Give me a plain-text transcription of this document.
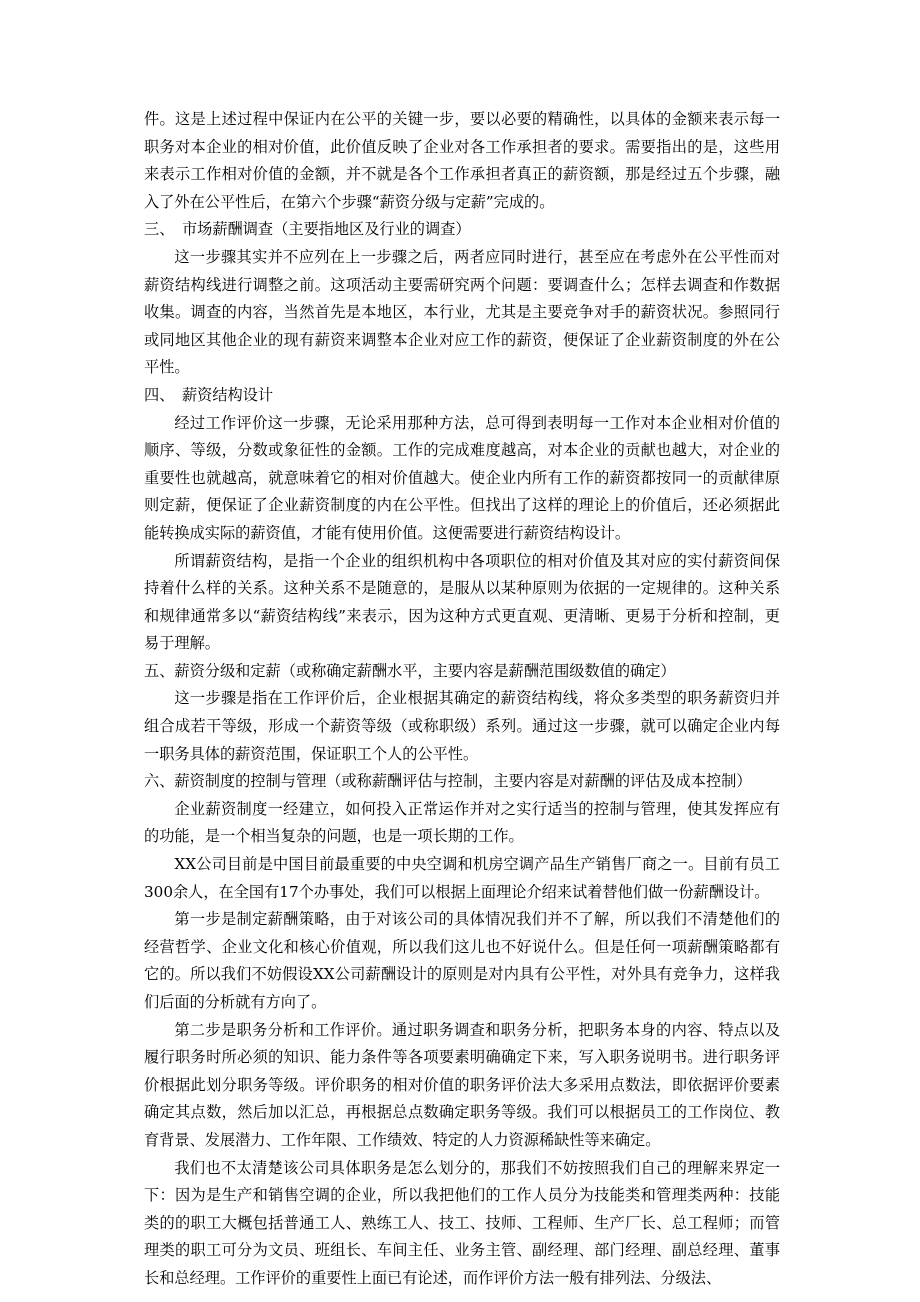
件。这是上述过程中保证内在公平的关键一步，要以必要的精确性，以具体的金额来表示每一职务对本企业的相对价值，此价值反映了企业对各工作承担者的要求。需要指出的是，这些用来表示工作相对价值的金额，并不就是各个工作承担者真正的薪资额，那是经过五个步骤，融入了外在公平性后，在第六个步骤“薪资分级与定薪”完成的。

三、　市场薪酬调查（主要指地区及行业的调查）

这一步骤其实并不应列在上一步骤之后，两者应同时进行，甚至应在考虑外在公平性而对薪资结构线进行调整之前。这项活动主要需研究两个问题：要调查什么；怎样去调查和作数据收集。调查的内容，当然首先是本地区，本行业，尤其是主要竞争对手的薪资状况。参照同行或同地区其他企业的现有薪资来调整本企业对应工作的薪资，便保证了企业薪资制度的外在公平性。

四、　薪资结构设计

经过工作评价这一步骤，无论采用那种方法，总可得到表明每一工作对本企业相对价值的顺序、等级，分数或象征性的金额。工作的完成难度越高，对本企业的贡献也越大，对企业的重要性也就越高，就意味着它的相对价值越大。使企业内所有工作的薪资都按同一的贡献律原则定薪，便保证了企业薪资制度的内在公平性。但找出了这样的理论上的价值后，还必须据此能转换成实际的薪资值，才能有使用价值。这便需要进行薪资结构设计。

所谓薪资结构，是指一个企业的组织机构中各项职位的相对价值及其对应的实付薪资间保持着什么样的关系。这种关系不是随意的，是服从以某种原则为依据的一定规律的。这种关系和规律通常多以“薪资结构线”来表示，因为这种方式更直观、更清晰、更易于分析和控制，更易于理解。

五、薪资分级和定薪（或称确定薪酬水平，主要内容是薪酬范围级数值的确定）

这一步骤是指在工作评价后，企业根据其确定的薪资结构线，将众多类型的职务薪资归并组合成若干等级，形成一个薪资等级（或称职级）系列。通过这一步骤，就可以确定企业内每一职务具体的薪资范围，保证职工个人的公平性。

六、薪资制度的控制与管理（或称薪酬评估与控制，主要内容是对薪酬的评估及成本控制）

企业薪资制度一经建立，如何投入正常运作并对之实行适当的控制与管理，使其发挥应有的功能，是一个相当复杂的问题，也是一项长期的工作。

XX公司目前是中国目前最重要的中央空调和机房空调产品生产销售厂商之一。目前有员工300余人，在全国有17个办事处，我们可以根据上面理论介绍来试着替他们做一份薪酬设计。

第一步是制定薪酬策略，由于对该公司的具体情况我们并不了解，所以我们不清楚他们的经营哲学、企业文化和核心价值观，所以我们这儿也不好说什么。但是任何一项薪酬策略都有它的。所以我们不妨假设XX公司薪酬设计的原则是对内具有公平性，对外具有竞争力，这样我们后面的分析就有方向了。

第二步是职务分析和工作评价。通过职务调查和职务分析，把职务本身的内容、特点以及履行职务时所必须的知识、能力条件等各项要素明确确定下来，写入职务说明书。进行职务评价根据此划分职务等级。评价职务的相对价值的职务评价法大多采用点数法，即依据评价要素确定其点数，然后加以汇总，再根据总点数确定职务等级。我们可以根据员工的工作岗位、教育背景、发展潜力、工作年限、工作绩效、特定的人力资源稀缺性等来确定。

我们也不太清楚该公司具体职务是怎么划分的，那我们不妨按照我们自己的理解来界定一下：因为是生产和销售空调的企业，所以我把他们的工作人员分为技能类和管理类两种：技能类的的职工大概包括普通工人、熟练工人、技工、技师、工程师、生产厂长、总工程师；而管理类的职工可分为文员、班组长、车间主任、业务主管、副经理、部门经理、副总经理、董事长和总经理。工作评价的重要性上面已有论述，而作评价方法一般有排列法、分级法、
